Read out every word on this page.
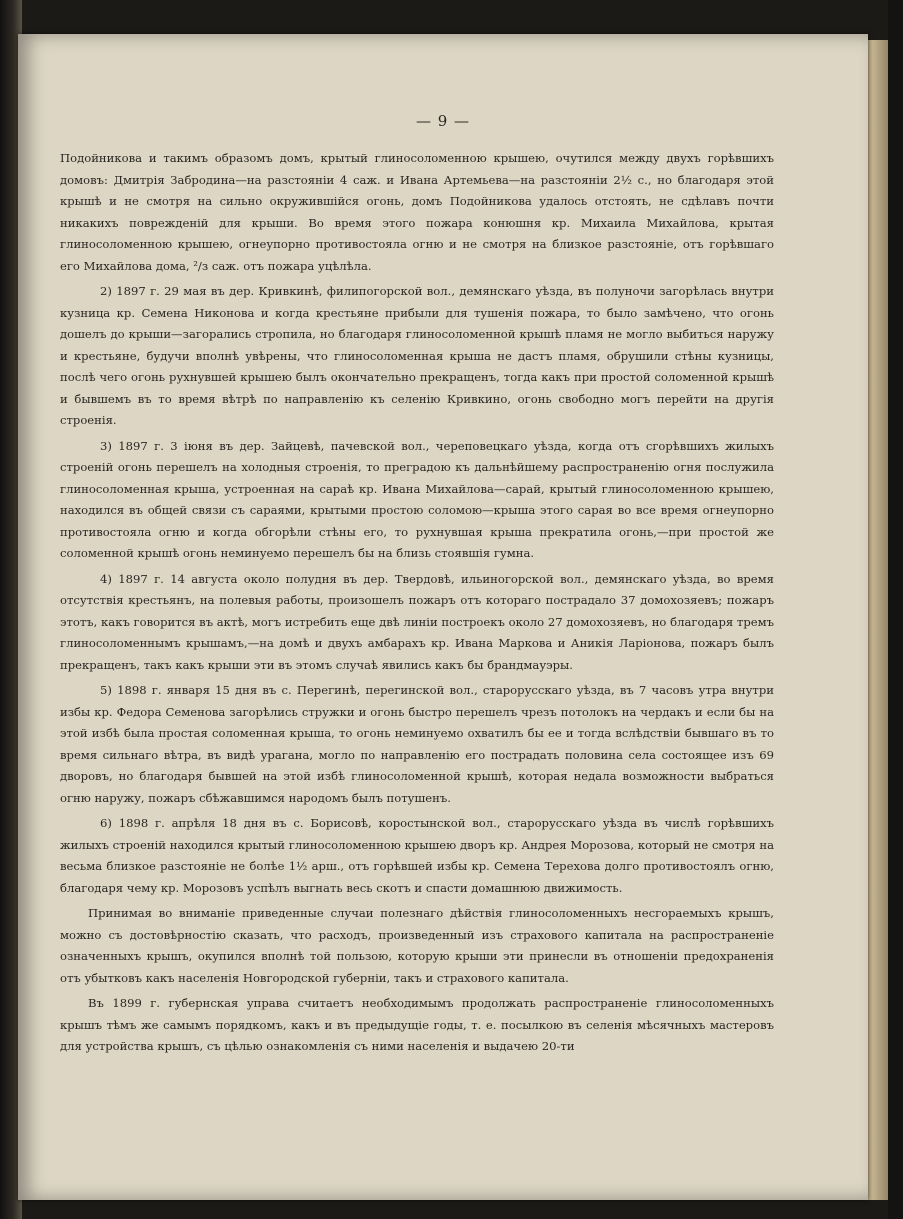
— 9 —

Подойникова и такимъ образомъ домъ, крытый глиносоломенною крышею, очутился между двухъ горѣвшихъ домовъ: Дмитрія Забродина—на разстояніи 4 саж. и Ивана Артемьева—на разстояніи 2½ с., но благодаря этой крышѣ и не смотря на сильно окружившійся огонь, домъ Подойникова удалось отстоять, не сдѣлавъ почти никакихъ поврежденій для крыши. Во время этого пожара конюшня кр. Михаила Михайлова, крытая глиносоломенною крышею, огнеупорно противостояла огню и не смотря на близкое разстояніе, отъ горѣвшаго его Михайлова дома, ²/з саж. отъ пожара уцѣлѣла.

2) 1897 г. 29 мая въ дер. Кривкинѣ, филипогорской вол., демянскаго уѣзда, въ полуночи загорѣлась внутри кузница кр. Семена Никонова и когда крестьяне прибыли для тушенія пожара, то было замѣчено, что огонь дошелъ до крыши—загорались стропила, но благодаря глиносоломенной крышѣ пламя не могло выбиться наружу и крестьяне, будучи вполнѣ увѣрены, что глиносоломенная крыша не дастъ пламя, обрушили стѣны кузницы, послѣ чего огонь рухнувшей крышею былъ окончательно прекращенъ, тогда какъ при простой соломенной крышѣ и бывшемъ въ то время вѣтрѣ по направленію къ селенію Кривкино, огонь свободно могъ перейти на другія строенія.

3) 1897 г. 3 іюня въ дер. Зайцевѣ, пачевской вол., череповецкаго уѣзда, когда отъ сгорѣвшихъ жилыхъ строеній огонь перешелъ на холодныя строенія, то преградою къ дальнѣйшему распространенію огня послужила глиносоломенная крыша, устроенная на сараѣ кр. Ивана Михайлова—сарай, крытый глиносоломенною крышею, находился въ общей связи съ сараями, крытыми простою соломою—крыша этого сарая во все время огнеупорно противостояла огню и когда обгорѣли стѣны его, то рухнувшая крыша прекратила огонь,—при простой же соломенной крышѣ огонь неминуемо перешелъ бы на близь стоявшія гумна.

4) 1897 г. 14 августа около полудня въ дер. Твердовѣ, ильиногорской вол., демянскаго уѣзда, во время отсутствія крестьянъ, на полевыя работы, произошелъ пожаръ отъ котораго пострадало 37 домохозяевъ; пожаръ этотъ, какъ говорится въ актѣ, могъ истребить еще двѣ линіи построекъ около 27 домохозяевъ, но благодаря тремъ глиносоломеннымъ крышамъ,—на домѣ и двухъ амбарахъ кр. Ивана Маркова и Аникія Ларіонова, пожаръ былъ прекращенъ, такъ какъ крыши эти въ этомъ случаѣ явились какъ бы брандмауэры.

5) 1898 г. января 15 дня въ с. Перегинѣ, перегинской вол., старорусскаго уѣзда, въ 7 часовъ утра внутри избы кр. Федора Семенова загорѣлись стружки и огонь быстро перешелъ чрезъ потолокъ на чердакъ и если бы на этой избѣ была простая соломенная крыша, то огонь неминуемо охватилъ бы ее и тогда вслѣдствіи бывшаго въ то время сильнаго вѣтра, въ видѣ урагана, могло по направленію его пострадать половина села состоящее изъ 69 дворовъ, но благодаря бывшей на этой избѣ глиносоломенной крышѣ, которая недала возможности выбраться огню наружу, пожаръ сбѣжавшимся народомъ былъ потушенъ.

6) 1898 г. апрѣля 18 дня въ с. Борисовѣ, коростынской вол., старорусскаго уѣзда въ числѣ горѣвшихъ жилыхъ строеній находился крытый глиносоломенною крышею дворъ кр. Андрея Морозова, который не смотря на весьма близкое разстояніе не болѣе 1½ арш., отъ горѣвшей избы кр. Семена Терехова долго противостоялъ огню, благодаря чему кр. Морозовъ успѣлъ выгнать весь скотъ и спасти домашнюю движимость.

Принимая во вниманіе приведенные случаи полезнаго дѣйствія глиносоломенныхъ несгораемыхъ крышъ, можно съ достовѣрностію сказать, что расходъ, произведенный изъ страхового капитала на распространеніе означенныхъ крышъ, окупился вполнѣ той пользою, которую крыши эти принесли въ отношеніи предохраненія отъ убытковъ какъ населенія Новгородской губерніи, такъ и страхового капитала.

Въ 1899 г. губернская управа считаетъ необходимымъ продолжать распространеніе глиносоломенныхъ крышъ тѣмъ же самымъ порядкомъ, какъ и въ предыдущіе годы, т. е. посылкою въ селенія мѣсячныхъ мастеровъ для устройства крышъ, съ цѣлью ознакомленія съ ними населенія и выдачею 20-ти
